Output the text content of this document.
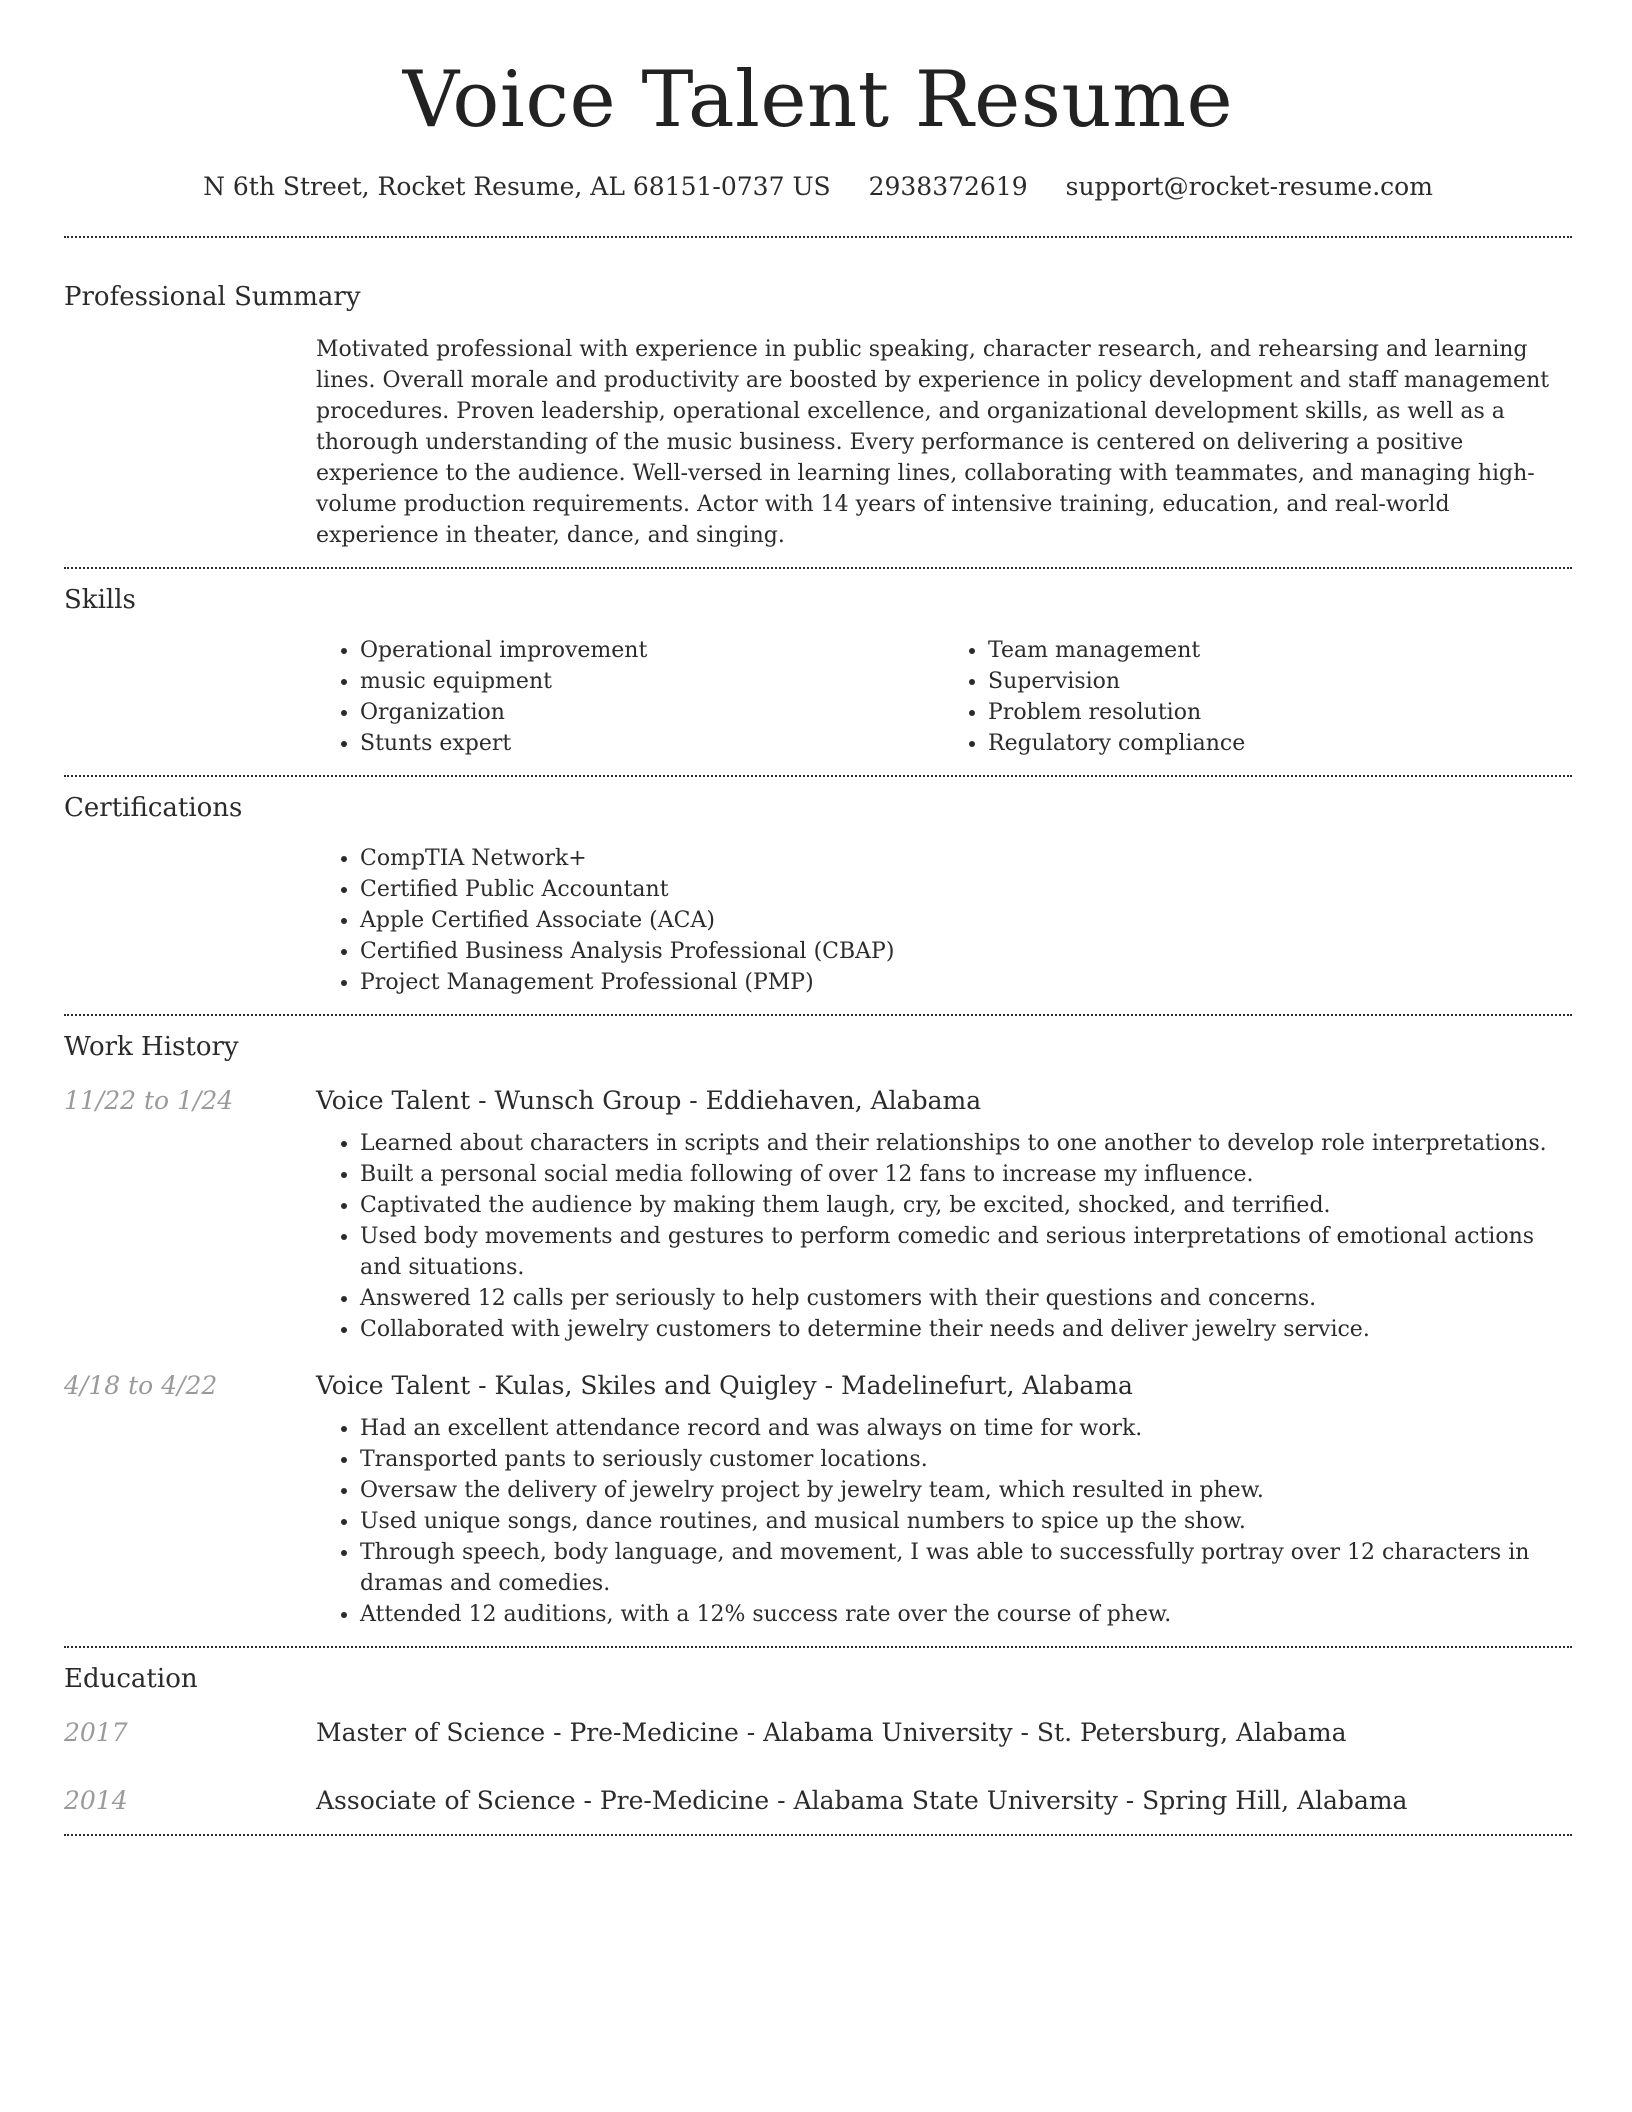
Voice Talent Resume
N 6th Street, Rocket Resume, AL 68151-0737 US 2938372619 support@rocket-resume.com
Professional Summary
Motivated professional with experience in public speaking, character research, and rehearsing and learning lines. Overall morale and productivity are boosted by experience in policy development and staff management procedures. Proven leadership, operational excellence, and organizational development skills, as well as a thorough understanding of the music business. Every performance is centered on delivering a positive experience to the audience. Well-versed in learning lines, collaborating with teammates, and managing high-volume production requirements. Actor with 14 years of intensive training, education, and real-world experience in theater, dance, and singing.
Skills
• Operational improvement
• music equipment
• Organization
• Stunts expert
• Team management
• Supervision
• Problem resolution
• Regulatory compliance
Certifications
• CompTIA Network+
• Certified Public Accountant
• Apple Certified Associate (ACA)
• Certified Business Analysis Professional (CBAP)
• Project Management Professional (PMP)
Work History
11/22 to 1/24	Voice Talent - Wunsch Group - Eddiehaven, Alabama
• Learned about characters in scripts and their relationships to one another to develop role interpretations.
• Built a personal social media following of over 12 fans to increase my influence.
• Captivated the audience by making them laugh, cry, be excited, shocked, and terrified.
• Used body movements and gestures to perform comedic and serious interpretations of emotional actions and situations.
• Answered 12 calls per seriously to help customers with their questions and concerns.
• Collaborated with jewelry customers to determine their needs and deliver jewelry service.
4/18 to 4/22	Voice Talent - Kulas, Skiles and Quigley - Madelinefurt, Alabama
• Had an excellent attendance record and was always on time for work.
• Transported pants to seriously customer locations.
• Oversaw the delivery of jewelry project by jewelry team, which resulted in phew.
• Used unique songs, dance routines, and musical numbers to spice up the show.
• Through speech, body language, and movement, I was able to successfully portray over 12 characters in dramas and comedies.
• Attended 12 auditions, with a 12% success rate over the course of phew.
Education
2017	Master of Science - Pre-Medicine - Alabama University - St. Petersburg, Alabama
2014	Associate of Science - Pre-Medicine - Alabama State University - Spring Hill, Alabama
